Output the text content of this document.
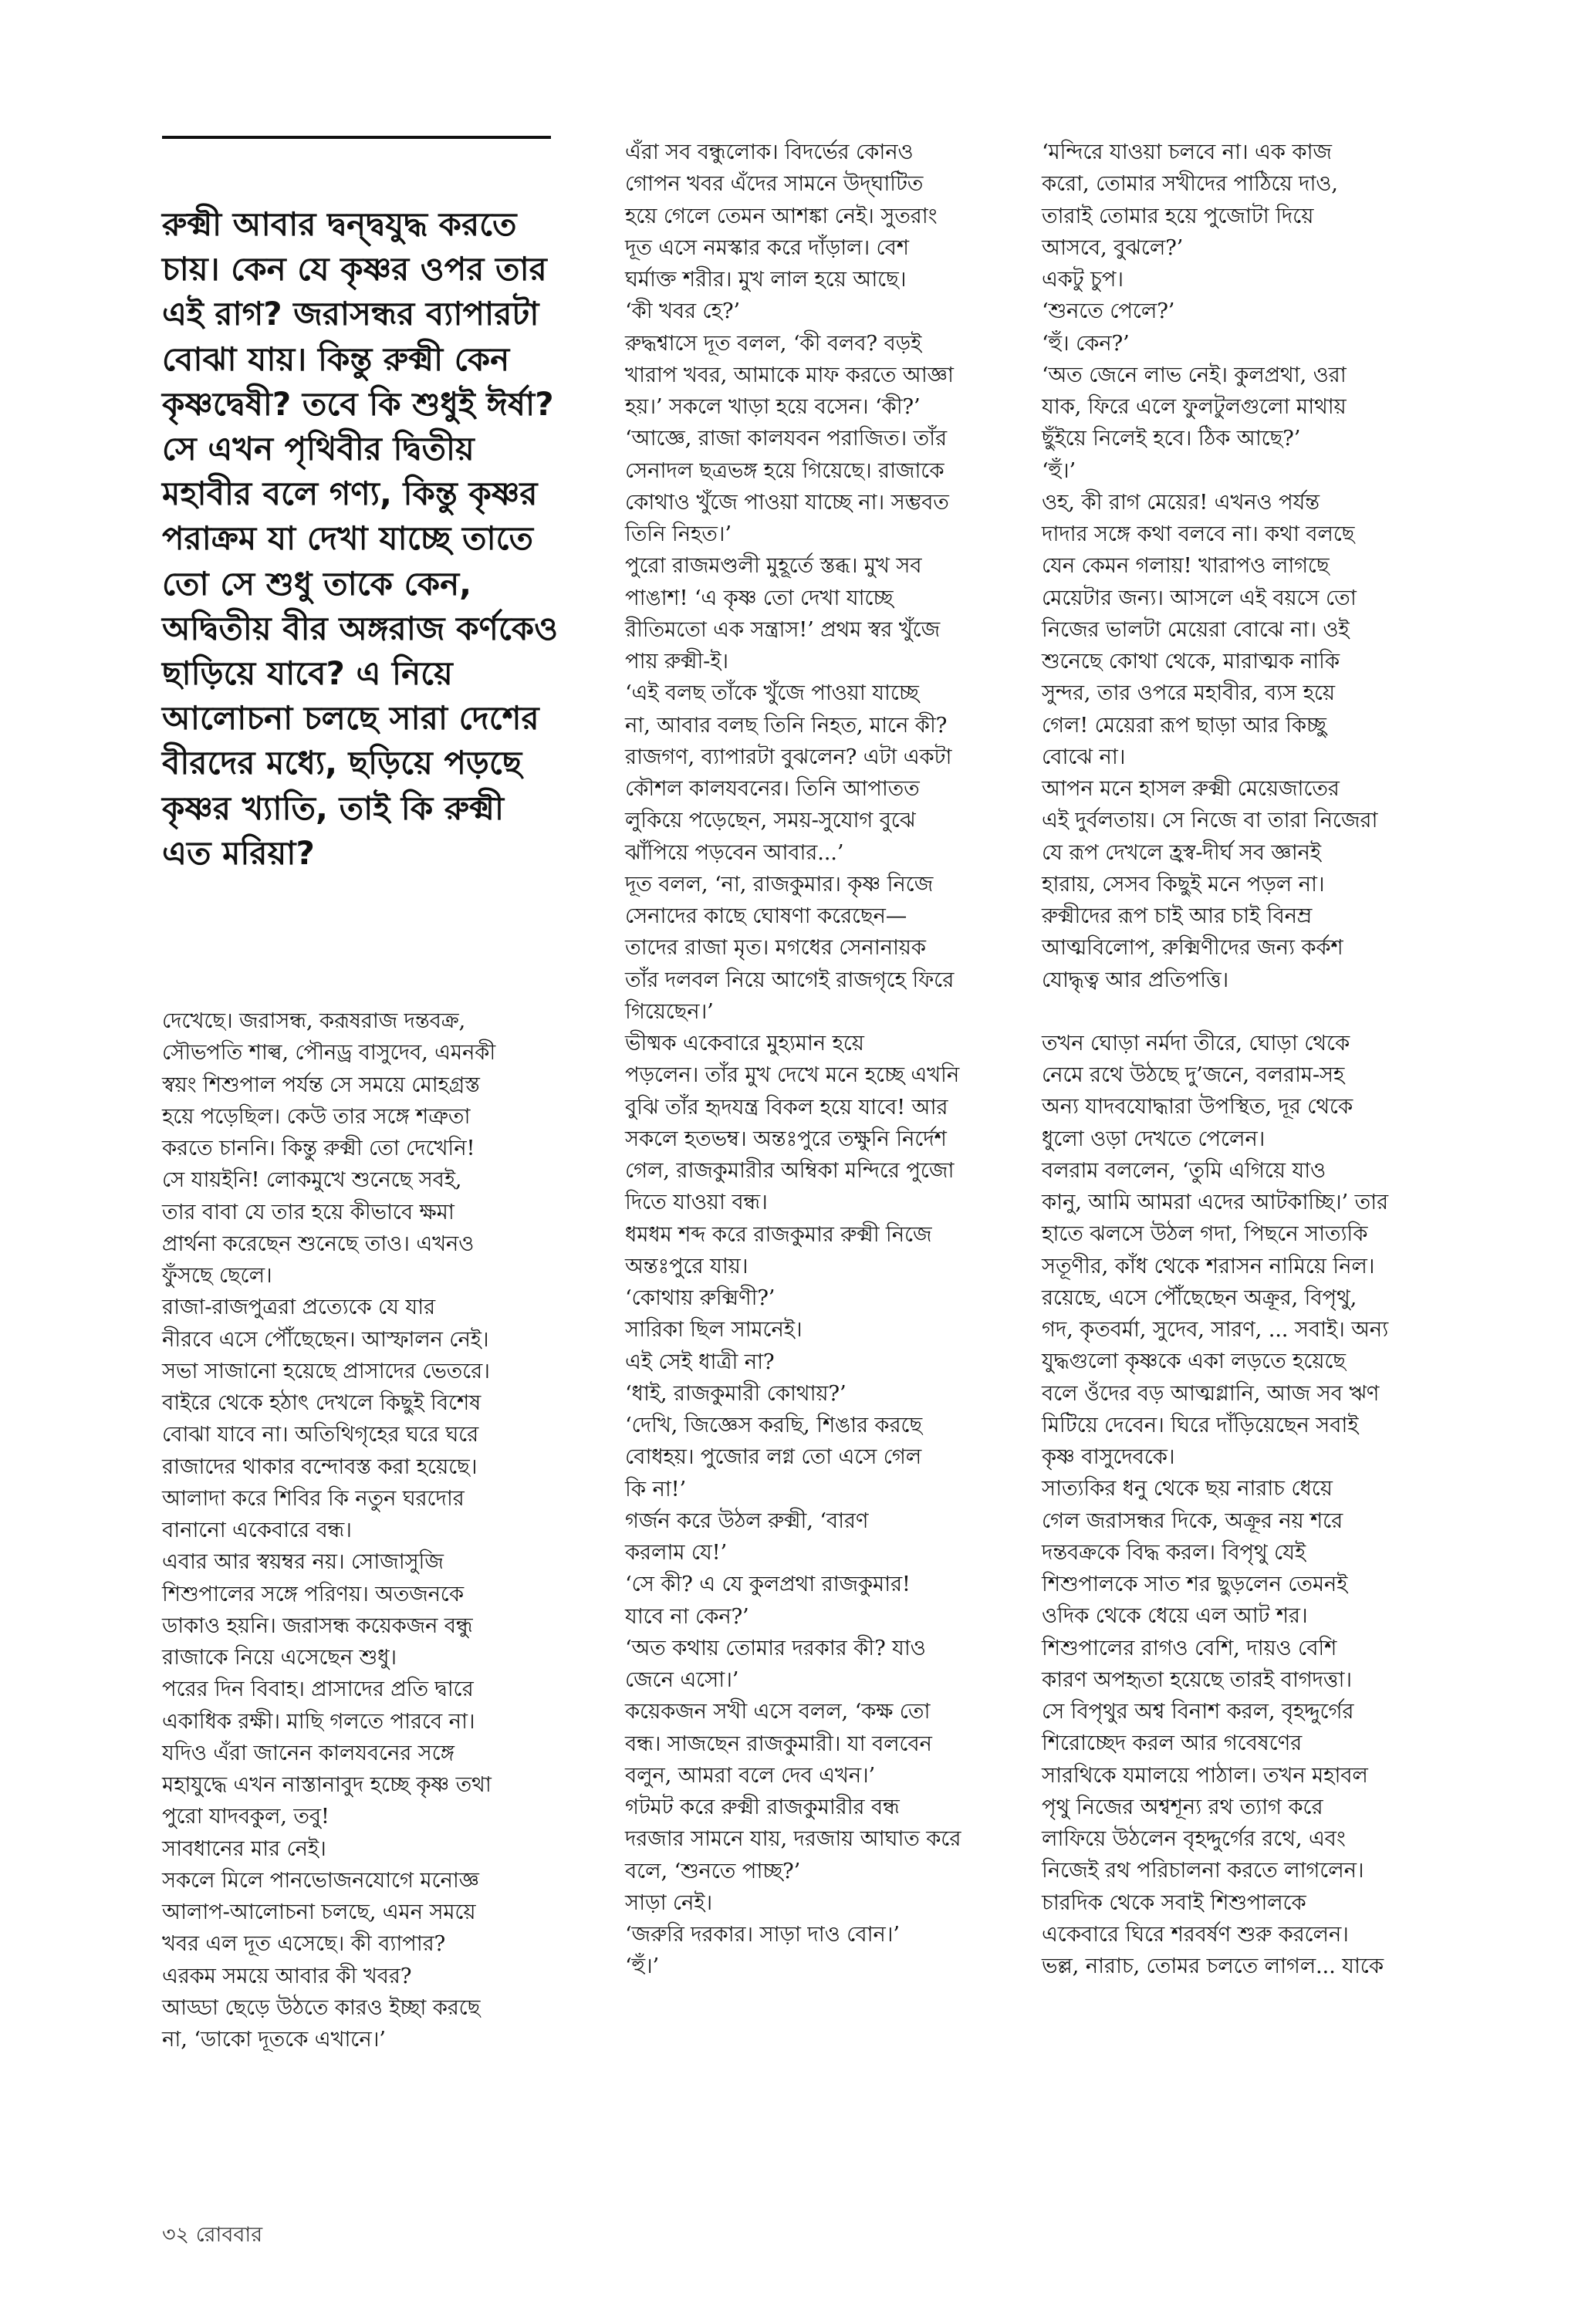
রুক্মী আবার দ্বন্দ্বযুদ্ধ করতে
চায়। কেন যে কৃষ্ণর ওপর তার
এই রাগ? জরাসন্ধর ব্যাপারটা
বোঝা যায়। কিন্তু রুক্মী কেন
কৃষ্ণদ্বেষী? তবে কি শুধুই ঈর্ষা?
সে এখন পৃথিবীর দ্বিতীয়
মহাবীর বলে গণ্য, কিন্তু কৃষ্ণর
পরাক্রম যা দেখা যাচ্ছে তাতে
তো সে শুধু তাকে কেন,
অদ্বিতীয় বীর অঙ্গরাজ কর্ণকেও
ছাড়িয়ে যাবে? এ নিয়ে
আলোচনা চলছে সারা দেশের
বীরদের মধ্যে, ছড়িয়ে পড়ছে
কৃষ্ণর খ্যাতি, তাই কি রুক্মী
এত মরিয়া?
দেখেছে। জরাসন্ধ, করূষরাজ দন্তবক্র,
সৌভপতি শাল্ব, পৌনড্র বাসুদেব, এমনকী
স্বয়ং শিশুপাল পর্যন্ত সে সময়ে মোহগ্রস্ত
হয়ে পড়েছিল। কেউ তার সঙ্গে শত্রুতা
করতে চাননি। কিন্তু রুক্মী তো দেখেনি!
সে যায়ইনি! লোকমুখে শুনেছে সবই,
তার বাবা যে তার হয়ে কীভাবে ক্ষমা
প্রার্থনা করেছেন শুনেছে তাও। এখনও
ফুঁসছে ছেলে।
রাজা-রাজপুত্ররা প্রত্যেকে যে যার
নীরবে এসে পৌঁছেছেন। আস্ফালন নেই।
সভা সাজানো হয়েছে প্রাসাদের ভেতরে।
বাইরে থেকে হঠাৎ দেখলে কিছুই বিশেষ
বোঝা যাবে না। অতিথিগৃহের ঘরে ঘরে
রাজাদের থাকার বন্দোবস্ত করা হয়েছে।
আলাদা করে শিবির কি নতুন ঘরদোর
বানানো একেবারে বন্ধ।
এবার আর স্বয়ম্বর নয়। সোজাসুজি
শিশুপালের সঙ্গে পরিণয়। অতজনকে
ডাকাও হয়নি। জরাসন্ধ কয়েকজন বন্ধু
রাজাকে নিয়ে এসেছেন শুধু।
পরের দিন বিবাহ। প্রাসাদের প্রতি দ্বারে
একাধিক রক্ষী। মাছি গলতে পারবে না।
যদিও এঁরা জানেন কালযবনের সঙ্গে
মহাযুদ্ধে এখন নাস্তানাবুদ হচ্ছে কৃষ্ণ তথা
পুরো যাদবকুল, তবু!
সাবধানের মার নেই।
সকলে মিলে পানভোজনযোগে মনোজ্ঞ
আলাপ-আলোচনা চলছে, এমন সময়ে
খবর এল দূত এসেছে। কী ব্যাপার?
এরকম সময়ে আবার কী খবর?
আড্ডা ছেড়ে উঠতে কারও ইচ্ছা করছে
না, ‘ডাকো দূতকে এখানে।’
এঁরা সব বন্ধুলোক। বিদর্ভের কোনও
গোপন খবর এঁদের সামনে উদ্‌ঘাটিত
হয়ে গেলে তেমন আশঙ্কা নেই। সুতরাং
দূত এসে নমস্কার করে দাঁড়াল। বেশ
ঘর্মাক্ত শরীর। মুখ লাল হয়ে আছে।
‘কী খবর হে?’
রুদ্ধশ্বাসে দূত বলল, ‘কী বলব? বড়ই
খারাপ খবর, আমাকে মাফ করতে আজ্ঞা
হয়।’ সকলে খাড়া হয়ে বসেন। ‘কী?’
‘আজ্ঞে, রাজা কালযবন পরাজিত। তাঁর
সেনাদল ছত্রভঙ্গ হয়ে গিয়েছে। রাজাকে
কোথাও খুঁজে পাওয়া যাচ্ছে না। সম্ভবত
তিনি নিহত।’
পুরো রাজমণ্ডলী মুহূর্তে স্তব্ধ। মুখ সব
পাঙাশ! ‘এ কৃষ্ণ তো দেখা যাচ্ছে
রীতিমতো এক সন্ত্রাস!’ প্রথম স্বর খুঁজে
পায় রুক্মী-ই।
‘এই বলছ তাঁকে খুঁজে পাওয়া যাচ্ছে
না, আবার বলছ তিনি নিহত, মানে কী?
রাজগণ, ব্যাপারটা বুঝলেন? এটা একটা
কৌশল কালযবনের। তিনি আপাতত
লুকিয়ে পড়েছেন, সময়-সুযোগ বুঝে
ঝাঁপিয়ে পড়বেন আবার...’
দূত বলল, ‘না, রাজকুমার। কৃষ্ণ নিজে
সেনাদের কাছে ঘোষণা করেছেন—
তাদের রাজা মৃত। মগধের সেনানায়ক
তাঁর দলবল নিয়ে আগেই রাজগৃহে ফিরে
গিয়েছেন।’
ভীষ্মক একেবারে মুহ্যমান হয়ে
পড়লেন। তাঁর মুখ দেখে মনে হচ্ছে এখনি
বুঝি তাঁর হৃদযন্ত্র বিকল হয়ে যাবে! আর
সকলে হতভম্ব। অন্তঃপুরে তক্ষুনি নির্দেশ
গেল, রাজকুমারীর অম্বিকা মন্দিরে পুজো
দিতে যাওয়া বন্ধ।
ধমধম শব্দ করে রাজকুমার রুক্মী নিজে
অন্তঃপুরে যায়।
‘কোথায় রুক্মিণী?’
সারিকা ছিল সামনেই।
এই সেই ধাত্রী না?
‘ধাই, রাজকুমারী কোথায়?’
‘দেখি, জিজ্ঞেস করছি, শিঙার করছে
বোধহয়। পুজোর লগ্ন তো এসে গেল
কি না!’
গর্জন করে উঠল রুক্মী, ‘বারণ
করলাম যে!’
‘সে কী? এ যে কুলপ্রথা রাজকুমার!
যাবে না কেন?’
‘অত কথায় তোমার দরকার কী? যাও
জেনে এসো।’
কয়েকজন সখী এসে বলল, ‘কক্ষ তো
বন্ধ। সাজছেন রাজকুমারী। যা বলবেন
বলুন, আমরা বলে দেব এখন।’
গটমট করে রুক্মী রাজকুমারীর বন্ধ
দরজার সামনে যায়, দরজায় আঘাত করে
বলে, ‘শুনতে পাচ্ছ?’
সাড়া নেই।
‘জরুরি দরকার। সাড়া দাও বোন।’
‘হুঁ।’
‘মন্দিরে যাওয়া চলবে না। এক কাজ
করো, তোমার সখীদের পাঠিয়ে দাও,
তারাই তোমার হয়ে পুজোটা দিয়ে
আসবে, বুঝলে?’
একটু চুপ।
‘শুনতে পেলে?’
‘হুঁ। কেন?’
‘অত জেনে লাভ নেই। কুলপ্রথা, ওরা
যাক, ফিরে এলে ফুলটুলগুলো মাথায়
ছুঁইয়ে নিলেই হবে। ঠিক আছে?’
‘হুঁ।’
ওহ, কী রাগ মেয়ের! এখনও পর্যন্ত
দাদার সঙ্গে কথা বলবে না। কথা বলছে
যেন কেমন গলায়! খারাপও লাগছে
মেয়েটার জন্য। আসলে এই বয়সে তো
নিজের ভালটা মেয়েরা বোঝে না। ওই
শুনেছে কোথা থেকে, মারাত্মক নাকি
সুন্দর, তার ওপরে মহাবীর, ব্যস হয়ে
গেল! মেয়েরা রূপ ছাড়া আর কিচ্ছু
বোঝে না।
আপন মনে হাসল রুক্মী মেয়েজাতের
এই দুর্বলতায়। সে নিজে বা তারা নিজেরা
যে রূপ দেখলে হ্রস্ব-দীর্ঘ সব জ্ঞানই
হারায়, সেসব কিছুই মনে পড়ল না।
রুক্মীদের রূপ চাই আর চাই বিনম্র
আত্মবিলোপ, রুক্মিণীদের জন্য কর্কশ
যোদ্ধৃত্ব আর প্রতিপত্তি।
তখন ঘোড়া নর্মদা তীরে, ঘোড়া থেকে
নেমে রথে উঠছে দু’জনে, বলরাম-সহ
অন্য যাদবযোদ্ধারা উপস্থিত, দূর থেকে
ধুলো ওড়া দেখতে পেলেন।
বলরাম বললেন, ‘তুমি এগিয়ে যাও
কানু, আমি আমরা এদের আটকাচ্ছি।’ তার
হাতে ঝলসে উঠল গদা, পিছনে সাত্যকি
সতূণীর, কাঁধ থেকে শরাসন নামিয়ে নিল।
রয়েছে, এসে পৌঁছেছেন অক্রূর, বিপৃথু,
গদ, কৃতবর্মা, সুদেব, সারণ, ... সবাই। অন্য
যুদ্ধগুলো কৃষ্ণকে একা লড়তে হয়েছে
বলে ওঁদের বড় আত্মগ্লানি, আজ সব ঋণ
মিটিয়ে দেবেন। ঘিরে দাঁড়িয়েছেন সবাই
কৃষ্ণ বাসুদেবকে।
সাত্যকির ধনু থেকে ছয় নারাচ ধেয়ে
গেল জরাসন্ধর দিকে, অক্রূর নয় শরে
দন্তবক্রকে বিদ্ধ করল। বিপৃথু যেই
শিশুপালকে সাত শর ছুড়লেন তেমনই
ওদিক থেকে ধেয়ে এল আট শর।
শিশুপালের রাগও বেশি, দায়ও বেশি
কারণ অপহৃতা হয়েছে তারই বাগদত্তা।
সে বিপৃথুর অশ্ব বিনাশ করল, বৃহদ্দুর্গের
শিরোচ্ছেদ করল আর গবেষণের
সারথিকে যমালয়ে পাঠাল। তখন মহাবল
পৃথু নিজের অশ্বশূন্য রথ ত্যাগ করে
লাফিয়ে উঠলেন বৃহদ্দুর্গের রথে, এবং
নিজেই রথ পরিচালনা করতে লাগলেন।
চারদিক থেকে সবাই শিশুপালকে
একেবারে ঘিরে শরবর্ষণ শুরু করলেন।
ভল্ল, নারাচ, তোমর চলতে লাগল... যাকে
৩২ রোববার
